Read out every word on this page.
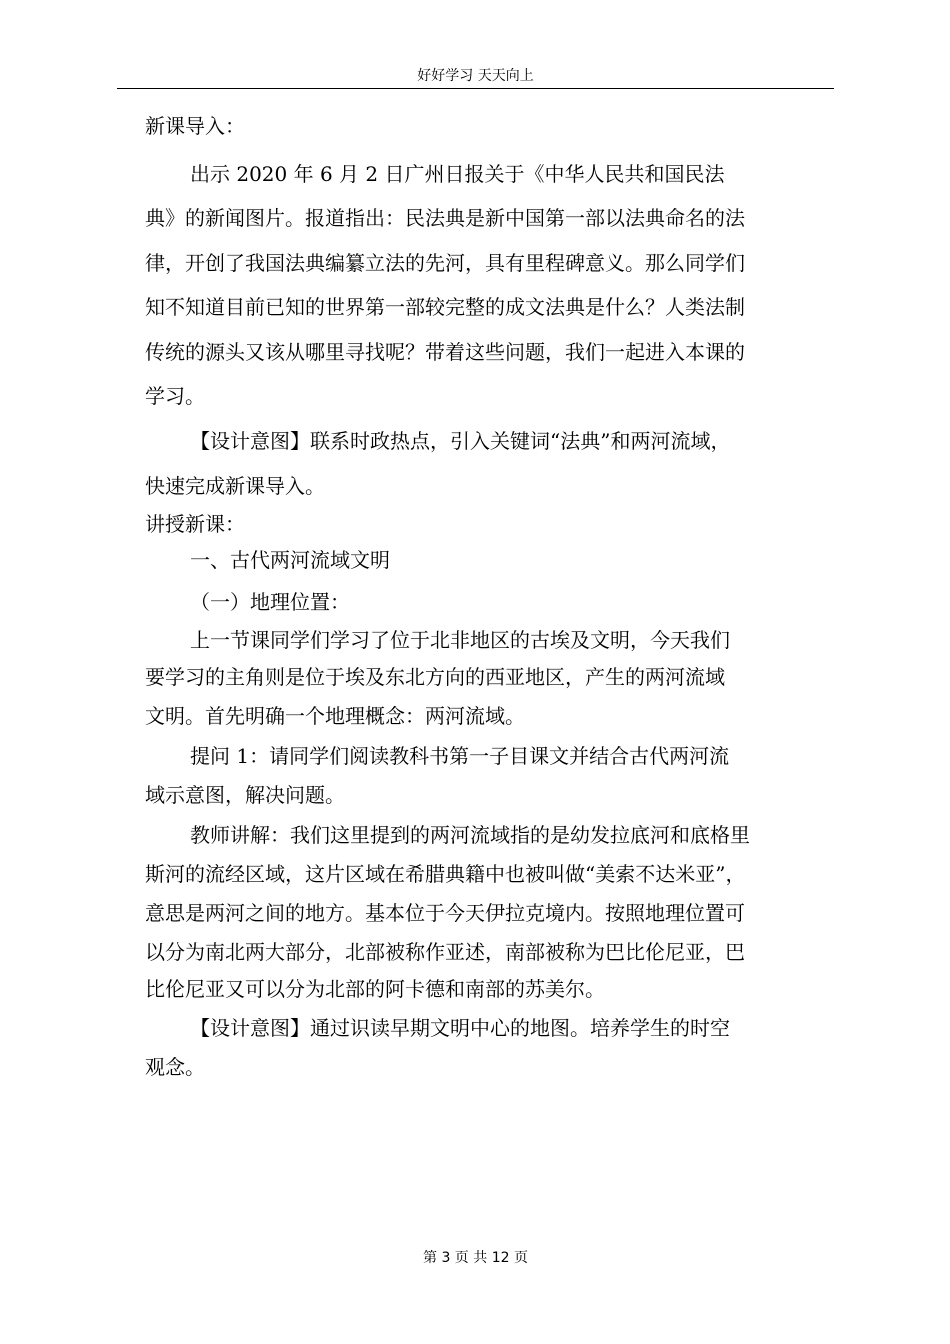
好好学习 天天向上
新课导入：
出示 2020 年 6 月 2 日广州日报关于《中华人民共和国民法
典》的新闻图片。报道指出：民法典是新中国第一部以法典命名的法
律，开创了我国法典编纂立法的先河，具有里程碑意义。那么同学们
知不知道目前已知的世界第一部较完整的成文法典是什么？人类法制
传统的源头又该从哪里寻找呢？带着这些问题，我们一起进入本课的
学习。
【设计意图】联系时政热点，引入关键词“法典”和两河流域，
快速完成新课导入。
讲授新课：
一、古代两河流域文明
（一）地理位置：
上一节课同学们学习了位于北非地区的古埃及文明，今天我们
要学习的主角则是位于埃及东北方向的西亚地区，产生的两河流域
文明。首先明确一个地理概念：两河流域。
提问 1：请同学们阅读教科书第一子目课文并结合古代两河流
域示意图，解决问题。
教师讲解：我们这里提到的两河流域指的是幼发拉底河和底格里
斯河的流经区域，这片区域在希腊典籍中也被叫做“美索不达米亚”，
意思是两河之间的地方。基本位于今天伊拉克境内。按照地理位置可
以分为南北两大部分，北部被称作亚述，南部被称为巴比伦尼亚，巴
比伦尼亚又可以分为北部的阿卡德和南部的苏美尔。
【设计意图】通过识读早期文明中心的地图。培养学生的时空
观念。
第 3 页 共 12 页
